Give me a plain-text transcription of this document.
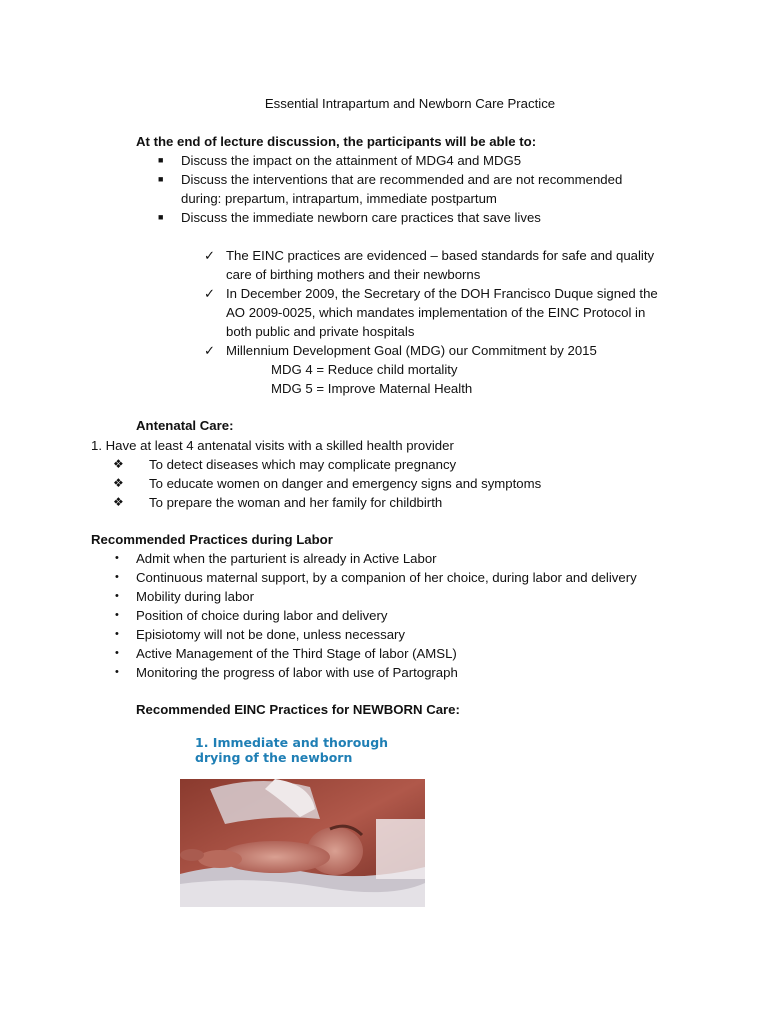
Essential Intrapartum and Newborn Care Practice
At the end of lecture discussion, the participants will be able to:
■	Discuss the impact on the attainment of MDG4 and MDG5
■	Discuss the interventions that are recommended and are not recommended
during: prepartum, intrapartum, immediate postpartum
■	Discuss the immediate newborn care practices that save lives
✓ The EINC practices are evidenced – based standards for safe and quality
care of birthing mothers and their newborns
✓ In December 2009, the Secretary of the DOH Francisco Duque signed the
AO 2009-0025, which mandates implementation of the EINC Protocol in
both public and private hospitals
✓ Millennium Development Goal (MDG) our Commitment by 2015
MDG 4 = Reduce child mortality
MDG 5 = Improve Maternal Health
Antenatal Care:
1. Have at least 4 antenatal visits with a skilled health provider
❖	To detect diseases which may complicate pregnancy
❖	To educate women on danger and emergency signs and symptoms
❖	To prepare the woman and her family for childbirth
Recommended Practices during Labor
•	Admit when the parturient is already in Active Labor
•	Continuous maternal support, by a companion of her choice, during labor and delivery
•	Mobility during labor
•	Position of choice during labor and delivery
•	Episiotomy will not be done, unless necessary
•	Active Management of the Third Stage of labor (AMSL)
•	Monitoring the progress of labor with use of Partograph
Recommended EINC Practices for NEWBORN Care:
1. Immediate and thorough drying of the newborn
